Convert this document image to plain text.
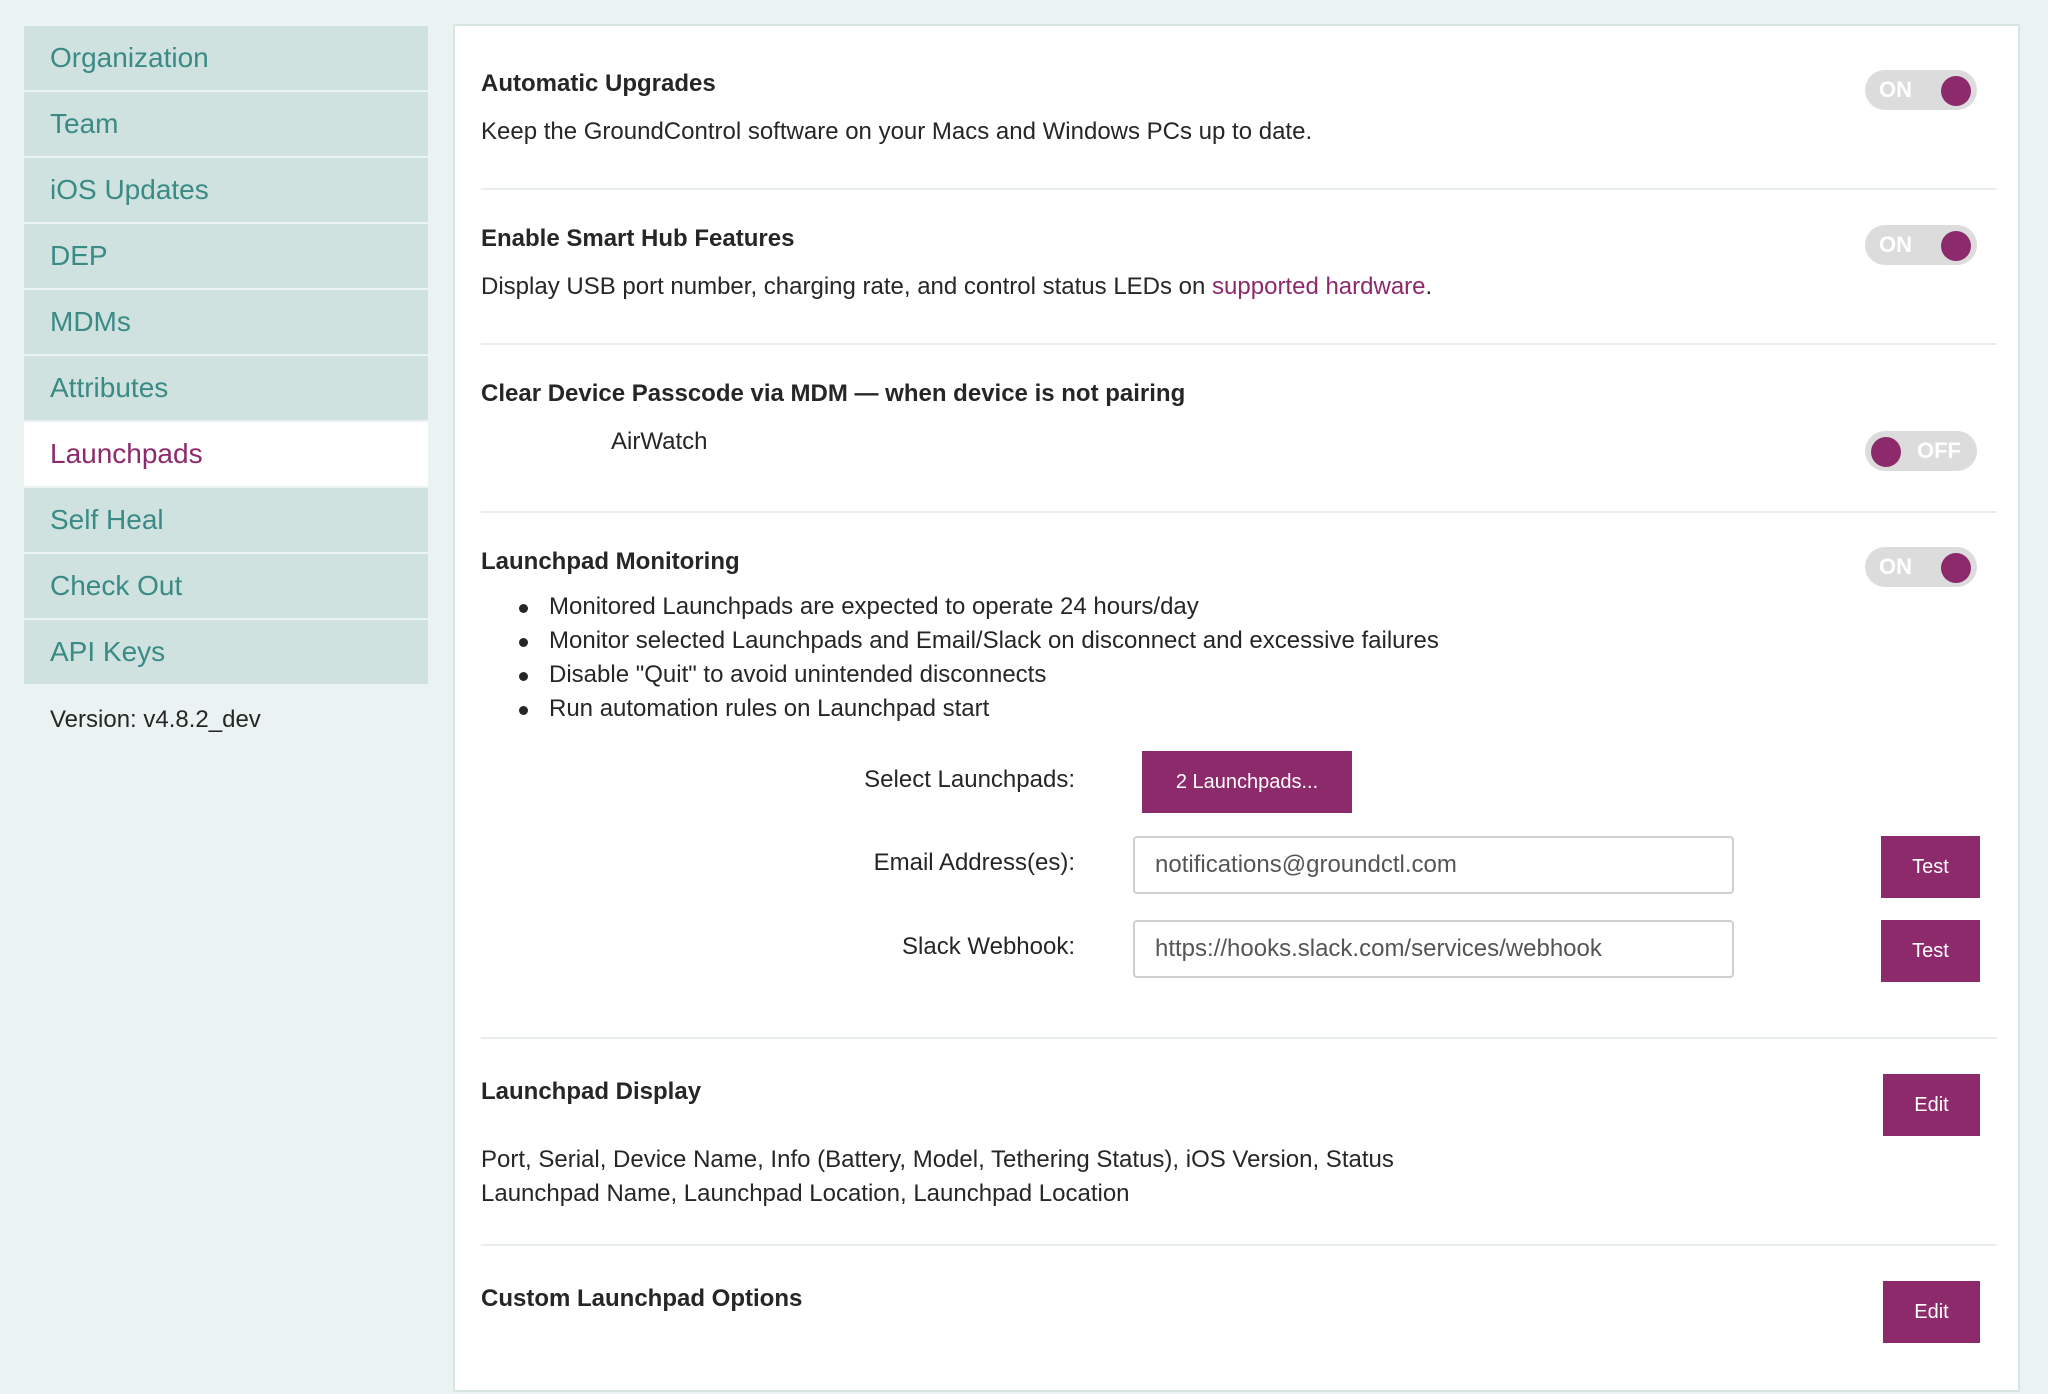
Organization
Team
iOS Updates
DEP
MDMs
Attributes
Launchpads
Self Heal
Check Out
API Keys
Version: v4.8.2_dev
Automatic Upgrades
Keep the GroundControl software on your Macs and Windows PCs up to date.
ON
Enable Smart Hub Features
Display USB port number, charging rate, and control status LEDs on supported hardware.
ON
Clear Device Passcode via MDM — when device is not pairing
AirWatch	OFF
Launchpad Monitoring
Monitored Launchpads are expected to operate 24 hours/day
Monitor selected Launchpads and Email/Slack on disconnect and excessive failures
Disable "Quit" to avoid unintended disconnects
Run automation rules on Launchpad start
ON
Select Launchpads:	2 Launchpads...
Email Address(es):
notifications@groundctl.com	Test
Slack Webhook:
https://hooks.slack.com/services/webhook	Test
Launchpad Display
Port, Serial, Device Name, Info (Battery, Model, Tethering Status), iOS Version, Status
Launchpad Name, Launchpad Location, Launchpad Location
Edit
Custom Launchpad Options	Edit
